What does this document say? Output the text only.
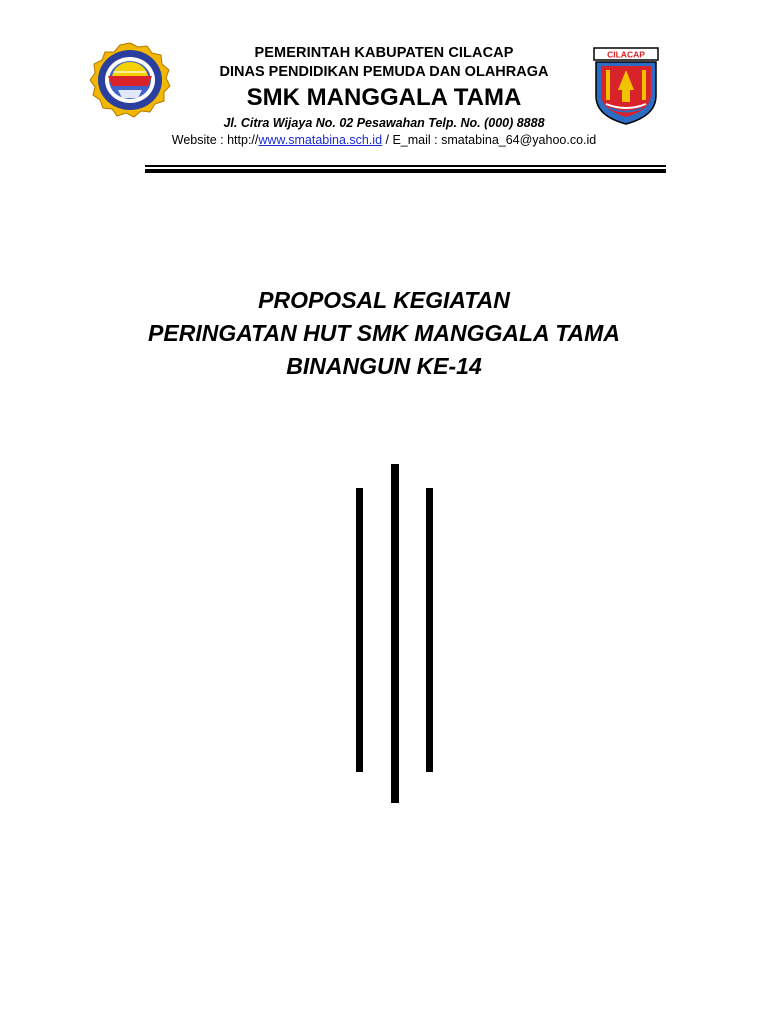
PEMERINTAH KABUPATEN CILACAP
DINAS PENDIDIKAN PEMUDA DAN OLAHRAGA
SMK MANGGALA TAMA
Jl. Citra Wijaya No. 02 Pesawahan Telp. No. (000) 8888
Website : http://www.smatabina.sch.id / E_mail : smatabina_64@yahoo.co.id
CILACAP
PROPOSAL KEGIATAN
PERINGATAN HUT SMK MANGGALA TAMA
BINANGUN KE-14
